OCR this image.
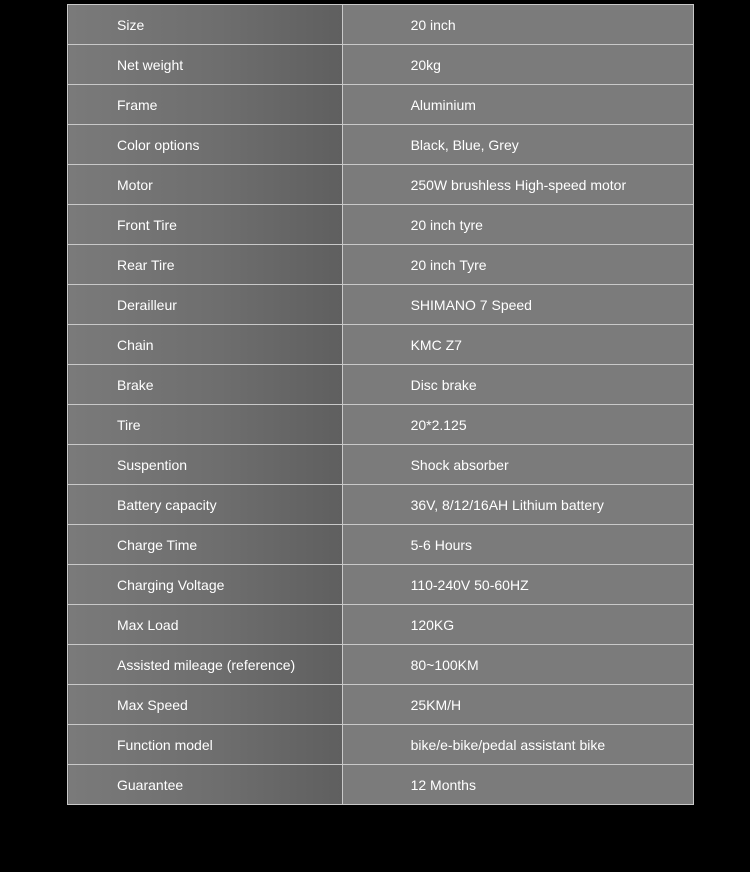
Size	20 inch
Net weight	20kg
Frame	Aluminium
Color options	Black, Blue, Grey
Motor	250W brushless High-speed motor
Front Tire	20 inch tyre
Rear Tire	20 inch Tyre
Derailleur	SHIMANO 7 Speed
Chain	KMC Z7
Brake	Disc brake
Tire	20*2.125
Suspention	Shock absorber
Battery capacity	36V, 8/12/16AH Lithium battery
Charge Time	5-6 Hours
Charging Voltage	110-240V 50-60HZ
Max Load	120KG
Assisted mileage (reference)	80~100KM
Max Speed	25KM/H
Function model	bike/e-bike/pedal assistant bike
Guarantee	12 Months
